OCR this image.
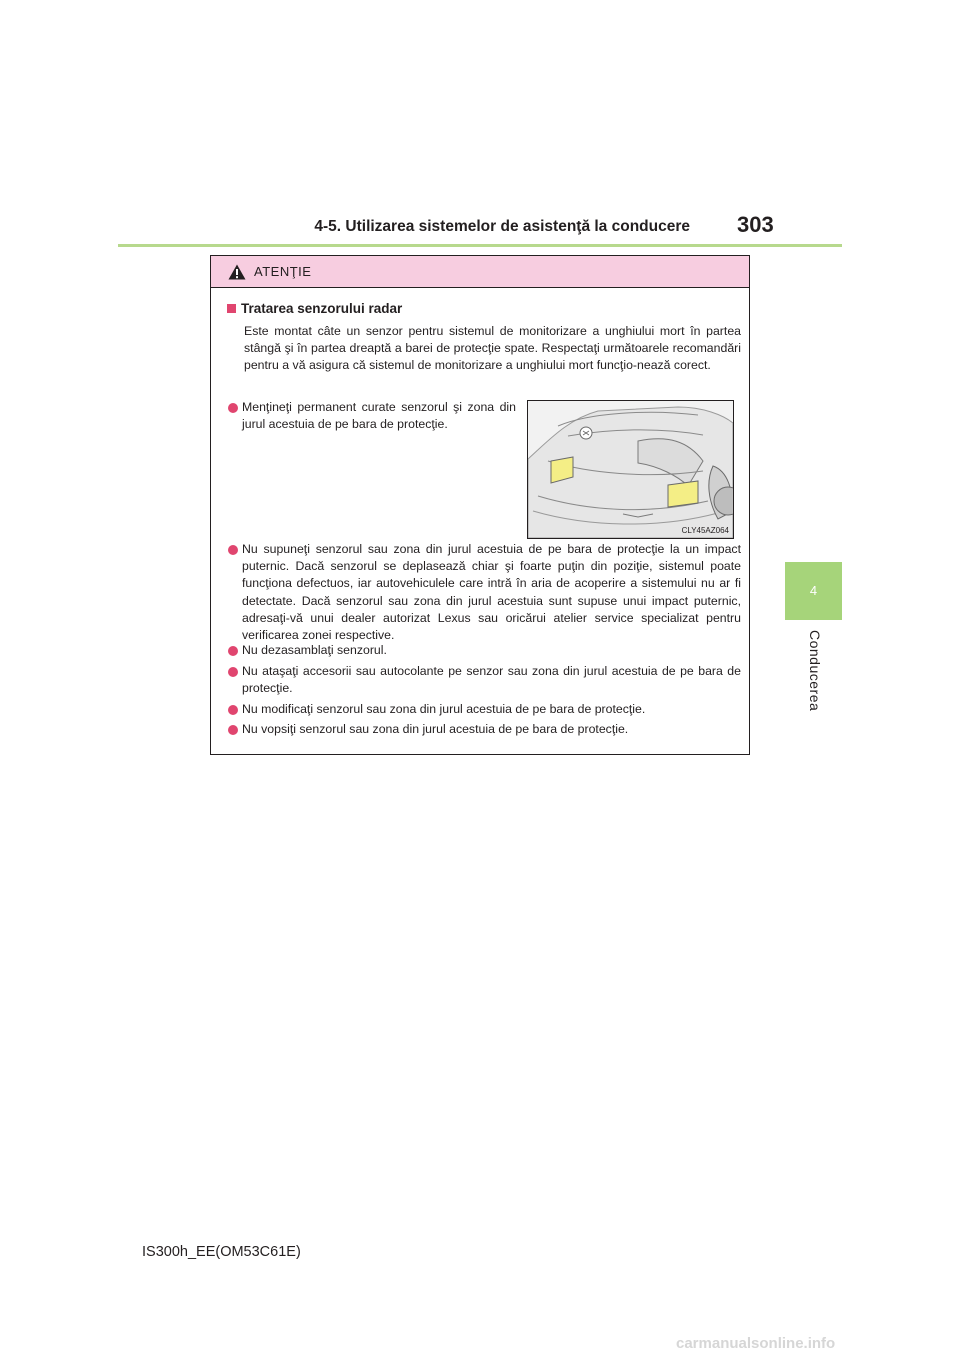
4-5. Utilizarea sistemelor de asistenţă la conducere 303
4
Conducerea
ATENŢIE
Tratarea senzorului radar
Este montat câte un senzor pentru sistemul de monitorizare a unghiului mort în partea stângă şi în partea dreaptă a barei de protecţie spate. Respectaţi următoarele recomandări pentru a vă asigura că sistemul de monitorizare a unghiului mort funcţio-nează corect.
Menţineţi permanent curate senzorul şi zona din jurul acestuia de pe bara de protecţie.
CLY45AZ064
Nu supuneţi senzorul sau zona din jurul acestuia de pe bara de protecţie la un impact puternic. Dacă senzorul se deplasează chiar şi foarte puţin din poziţie, sistemul poate funcţiona defectuos, iar autovehiculele care intră în aria de acoperire a sistemului nu ar fi detectate. Dacă senzorul sau zona din jurul acestuia sunt supuse unui impact puternic, adresaţi-vă unui dealer autorizat Lexus sau oricărui atelier service specializat pentru verificarea zonei respective.
Nu dezasamblaţi senzorul.
Nu ataşaţi accesorii sau autocolante pe senzor sau zona din jurul acestuia de pe bara de protecţie.
Nu modificaţi senzorul sau zona din jurul acestuia de pe bara de protecţie.
Nu vopsiţi senzorul sau zona din jurul acestuia de pe bara de protecţie.
IS300h_EE(OM53C61E)
carmanualsonline.info
